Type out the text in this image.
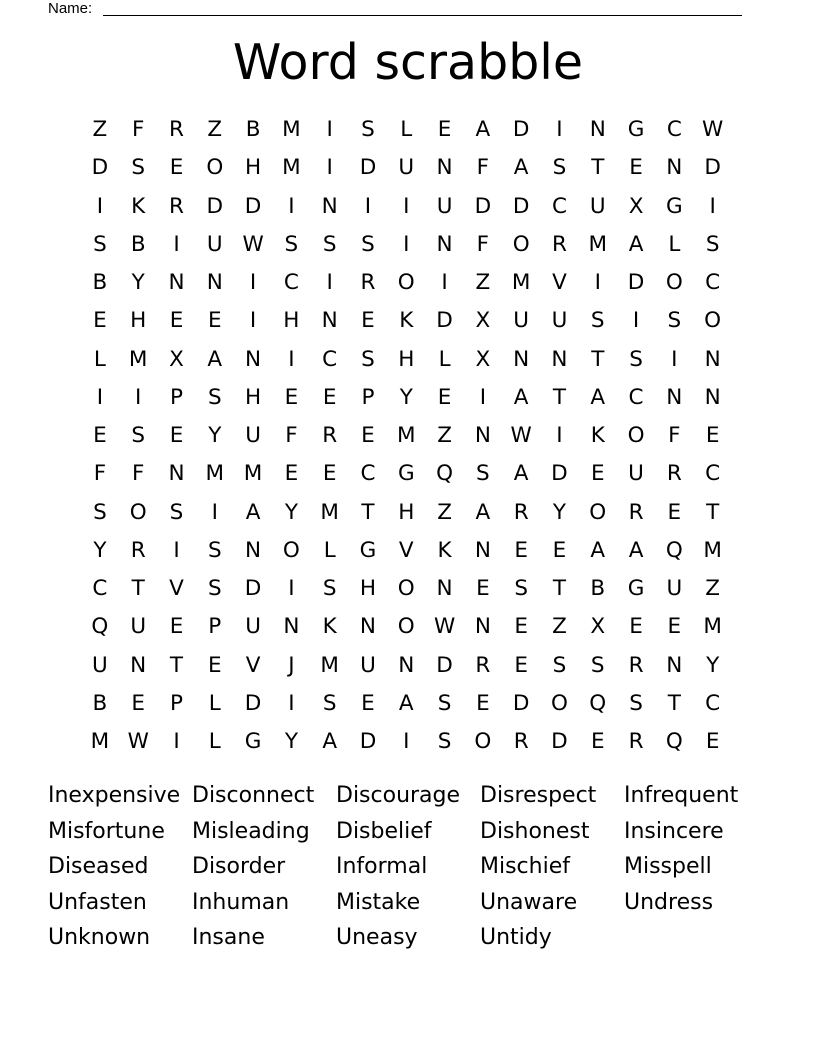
Name:
Word scrabble
Z	F	R	Z	B M	I	S	L	E	A	D	I	N G	C W
D	S	E	O H M	I	D	U	N	F	A	S	T	E	N D
I	K	R	D D	I	N	I	I	U	D D	C	U	X	G	I
S	B	I	U W S	S	S	I	N	F	O	R M A	L	S
B	Y	N	N	I	C	I	R	O	I	Z M V	I	D O	C
E	H	E	E	I	H	N	E	K	D	X	U	U	S	I	S	O
L	M X	A	N	I	C	S	H	L	X	N	N	T	S	I	N
I	I	P	S	H	E	E	P	Y	E	I	A	T	A	C	N	N
E	S	E	Y	U	F	R	E	M Z	N W	I	K	O	F	E
F	F	N M M	E	E	C	G Q	S	A	D	E	U	R	C
S	O	S	I	A	Y	M	T	H	Z	A	R	Y	O	R	E	T
Y	R	I	S	N O	L	G	V	K	N	E	E	A	A	Q M
C	T	V	S	D	I	S	H O N	E	S	T	B	G	U	Z
Q U	E	P	U	N	K	N O W N	E	Z	X	E	E	M
U	N	T	E	V	J	M U	N D	R	E	S	S	R	N	Y
B	E	P	L	D	I	S	E	A	S	E	D O Q	S	T	C
M W	I	L	G	Y	A	D	I	S	O	R	D	E	R	Q	E
Inexpensive Disconnect Discourage Disrespect	Infrequent
Misfortune	Misleading	Disbelief	Dishonest	Insincere
Diseased	Disorder	Informal	Mischief	Misspell
Unfasten	Inhuman	Mistake	Unaware	Undress
Unknown	Insane	Uneasy	Untidy
